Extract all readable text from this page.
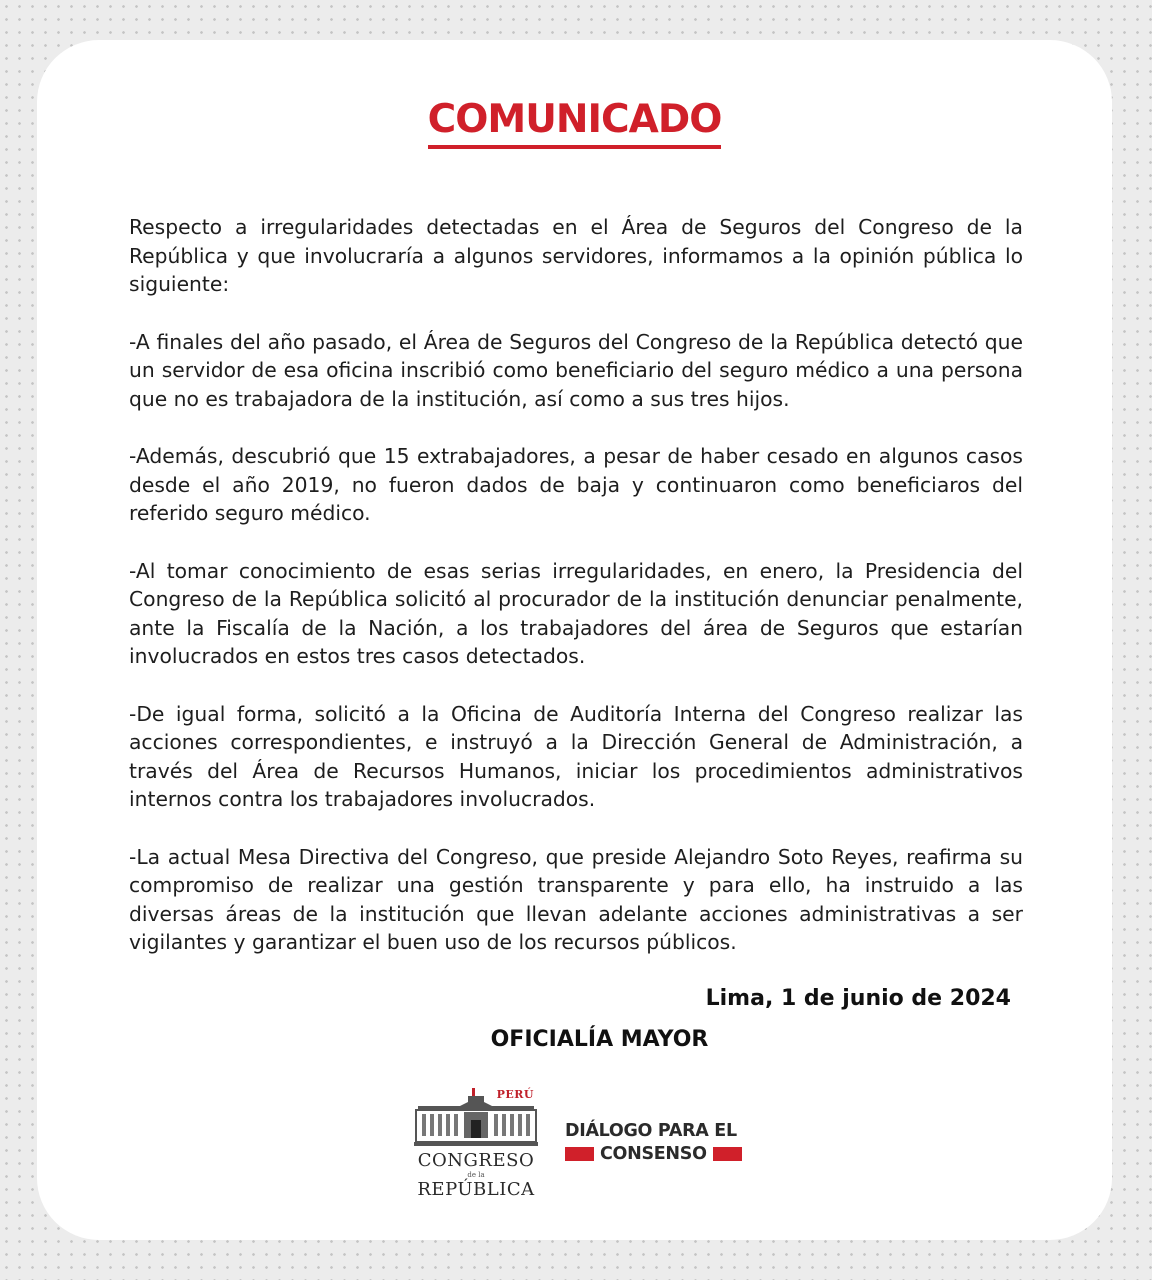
COMUNICADO

Respecto a irregularidades detectadas en el Área de Seguros del Congreso de la República y que involucraría a algunos servidores, informamos a la opinión pública lo siguiente:

-A finales del año pasado, el Área de Seguros del Congreso de la República detectó que un servidor de esa oficina inscribió como beneficiario del seguro médico a una persona que no es trabajadora de la institución, así como a sus tres hijos.

-Además, descubrió que 15 extrabajadores, a pesar de haber cesado en algunos casos desde el año 2019, no fueron dados de baja y continuaron como beneficiaros del referido seguro médico.

-Al tomar conocimiento de esas serias irregularidades, en enero, la Presidencia del Congreso de la República solicitó al procurador de la institución denunciar penalmente, ante la Fiscalía de la Nación, a los trabajadores del área de Seguros que estarían involucrados en estos tres casos detectados.

-De igual forma, solicitó a la Oficina de Auditoría Interna del Congreso realizar las acciones correspondientes, e instruyó a la Dirección General de Administración, a través del Área de Recursos Humanos, iniciar los procedimientos administrativos internos contra los trabajadores involucrados.

-La actual Mesa Directiva del Congreso, que preside Alejandro Soto Reyes, reafirma su compromiso de realizar una gestión transparente y para ello, ha instruido a las diversas áreas de la institución que llevan adelante acciones administrativas a ser vigilantes y garantizar el buen uso de los recursos públicos.

Lima, 1 de junio de 2024
OFICIALÍA MAYOR
PERÚ
CONGRESO
de la
REPÚBLICA
DIÁLOGO PARA EL
CONSENSO
